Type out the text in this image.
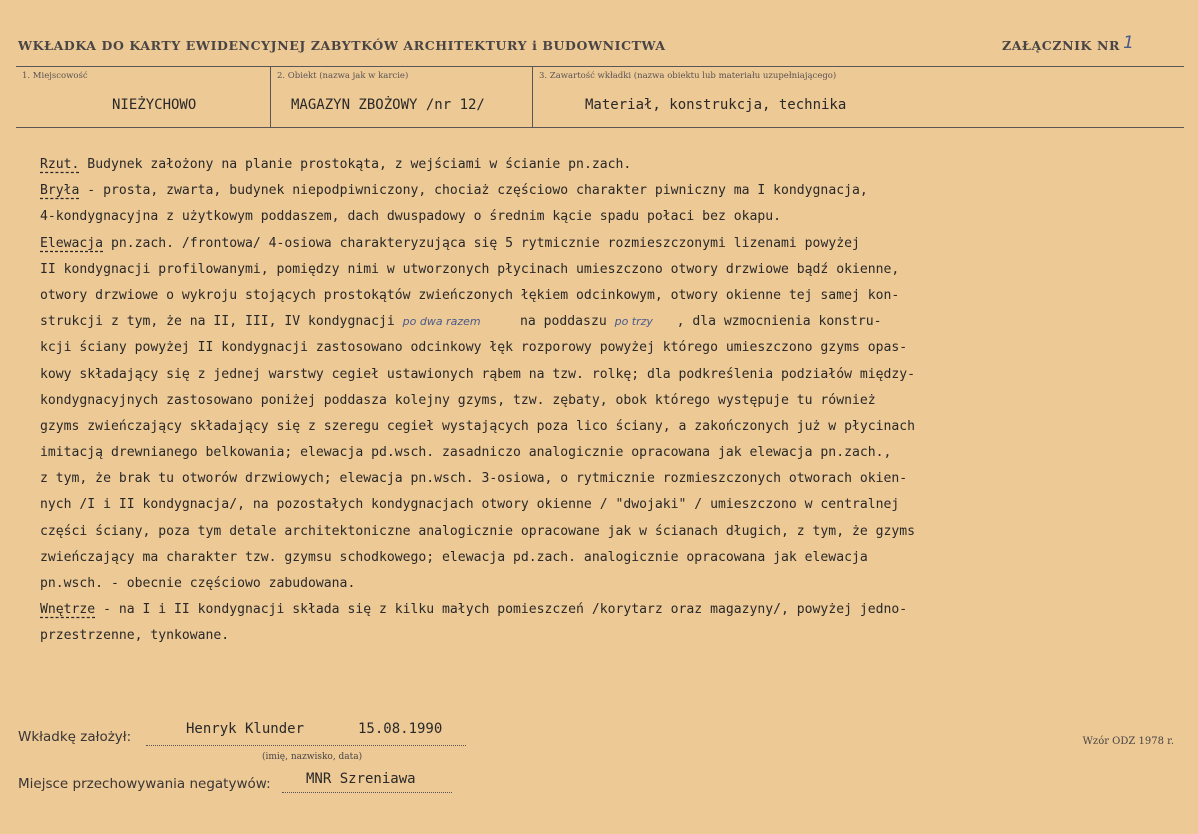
WKŁADKA DO KARTY EWIDENCYJNEJ ZABYTKÓW ARCHITEKTURY i BUDOWNICTWA	ZAŁĄCZNIK NR 1
1. Miejscowość
NIEŻYCHOWO
2. Obiekt (nazwa jak w karcie)
MAGAZYN ZBOŻOWY /nr 12/
3. Zawartość wkładki (nazwa obiektu lub materiału uzupełniającego)
Materiał, konstrukcja, technika
Rzut. Budynek założony na planie prostokąta, z wejściami w ścianie pn.zach.
Bryła - prosta, zwarta, budynek niepodpiwniczony, chociaż częściowo charakter piwniczny ma I kondygnacja,
4-kondygnacyjna z użytkowym poddaszem, dach dwuspadowy o średnim kącie spadu połaci bez okapu.
Elewacja pn.zach. /frontowa/ 4-osiowa charakteryzująca się 5 rytmicznie rozmieszczonymi lizenami powyżej
II kondygnacji profilowanymi, pomiędzy nimi w utworzonych płycinach umieszczono otwory drzwiowe bądź okienne,
otwory drzwiowe o wykroju stojących prostokątów zwieńczonych łękiem odcinkowym, otwory okienne tej samej kon-
strukcji z tym, że na II, III, IV kondygnacji po dwa razem     na poddaszu po trzy   , dla wzmocnienia konstru-
kcji ściany powyżej II kondygnacji zastosowano odcinkowy łęk rozporowy powyżej którego umieszczono gzyms opas-
kowy składający się z jednej warstwy cegieł ustawionych rąbem na tzw. rolkę; dla podkreślenia podziałów między-
kondygnacyjnych zastosowano poniżej poddasza kolejny gzyms, tzw. zębaty, obok którego występuje tu również
gzyms zwieńczający składający się z szeregu cegieł wystających poza lico ściany, a zakończonych już w płycinach
imitacją drewnianego belkowania; elewacja pd.wsch. zasadniczo analogicznie opracowana jak elewacja pn.zach.,
z tym, że brak tu otworów drzwiowych; elewacja pn.wsch. 3-osiowa, o rytmicznie rozmieszczonych otworach okien-
nych /I i II kondygnacja/, na pozostałych kondygnacjach otwory okienne / "dwojaki" / umieszczono w centralnej
części ściany, poza tym detale architektoniczne analogicznie opracowane jak w ścianach długich, z tym, że gzyms
zwieńczający ma charakter tzw. gzymsu schodkowego; elewacja pd.zach. analogicznie opracowana jak elewacja
pn.wsch. - obecnie częściowo zabudowana.
Wnętrze - na I i II kondygnacji składa się z kilku małych pomieszczeń /korytarz oraz magazyny/, powyżej jedno-
przestrzenne, tynkowane.
Wkładkę założył:	Henryk Klunder	15.08.1990
(imię, nazwisko, data)
Wzór ODZ 1978 r.
Miejsce przechowywania negatywów:	MNR Szreniawa
